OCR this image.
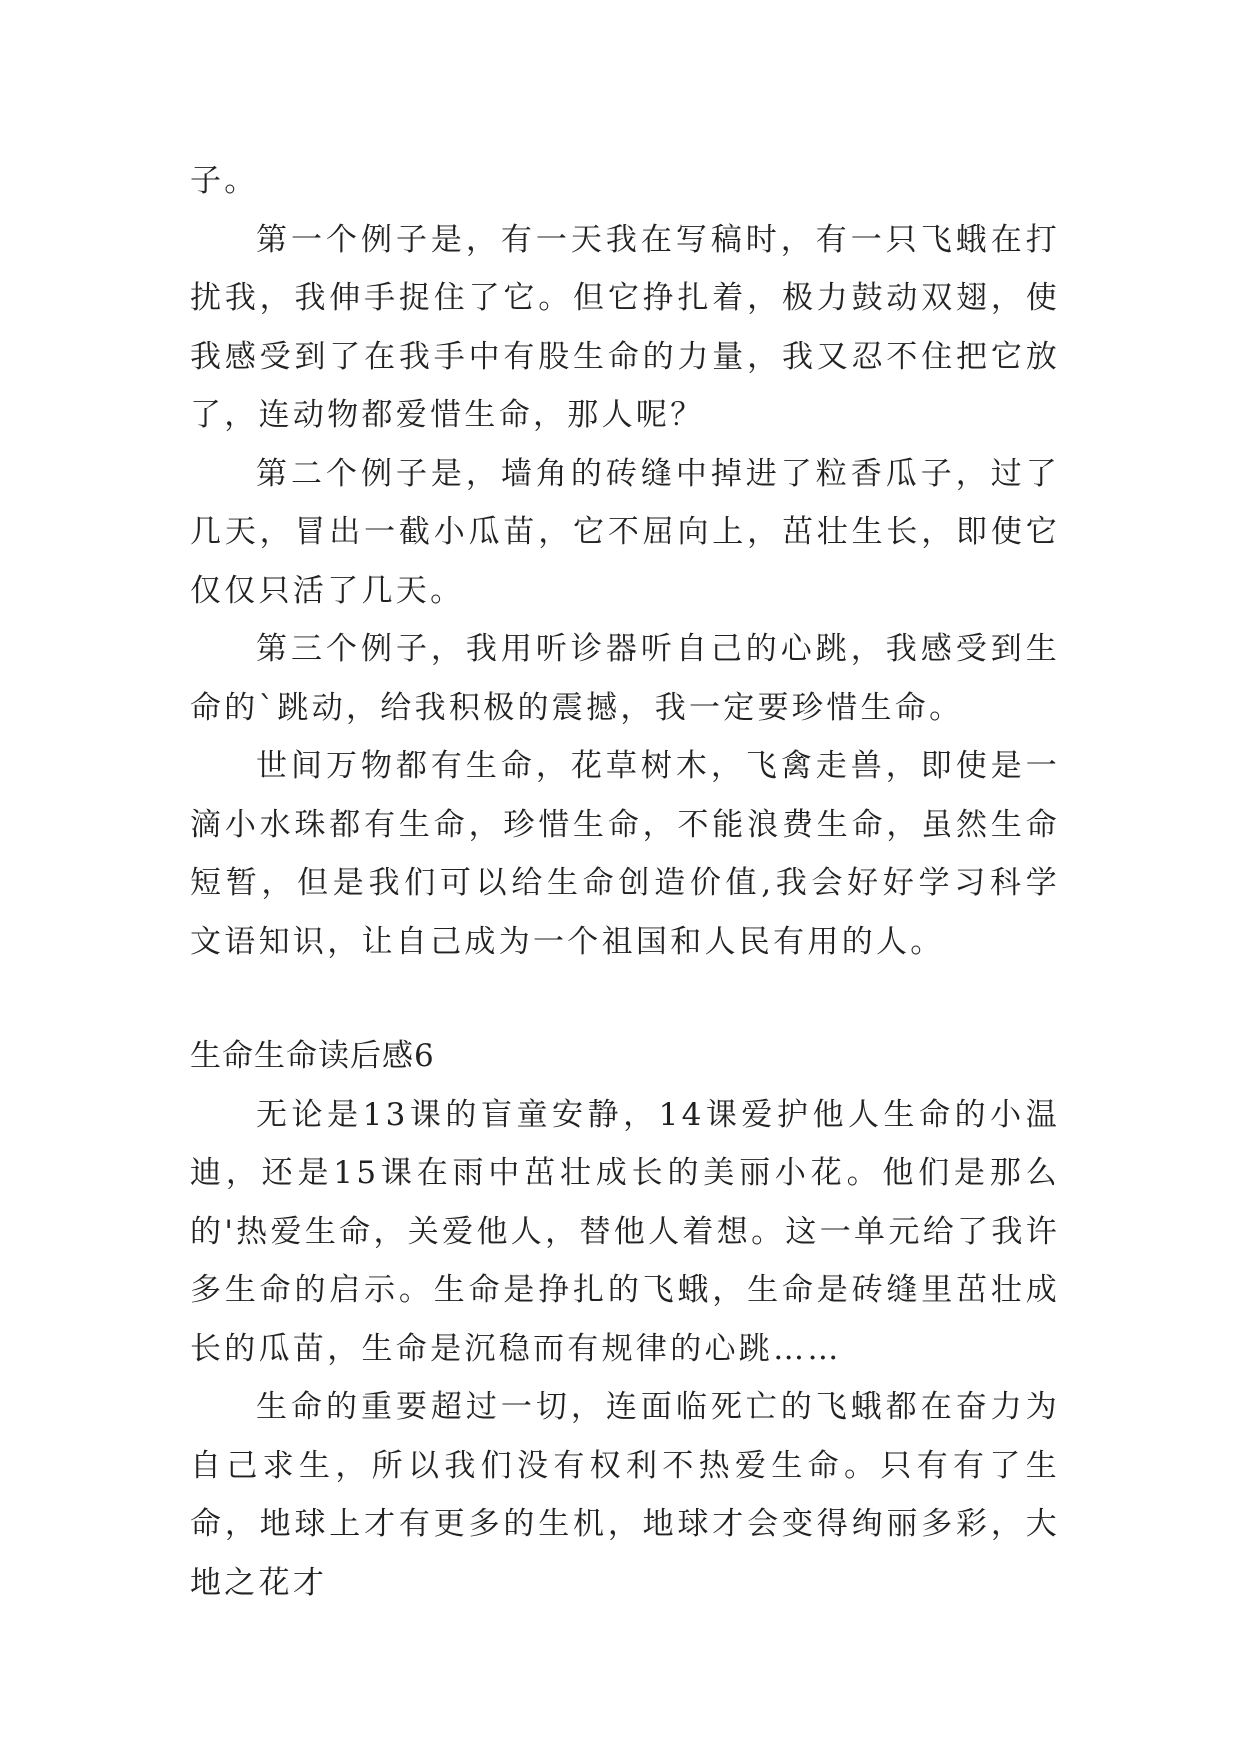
子。

第一个例子是，有一天我在写稿时，有一只飞蛾在打扰我，我伸手捉住了它。但它挣扎着，极力鼓动双翅，使我感受到了在我手中有股生命的力量，我又忍不住把它放了，连动物都爱惜生命，那人呢？

第二个例子是，墙角的砖缝中掉进了粒香瓜子，过了几天，冒出一截小瓜苗，它不屈向上，茁壮生长，即使它仅仅只活了几天。

第三个例子，我用听诊器听自己的心跳，我感受到生命的`跳动，给我积极的震撼，我一定要珍惜生命。

世间万物都有生命，花草树木，飞禽走兽，即使是一滴小水珠都有生命，珍惜生命，不能浪费生命，虽然生命短暂，但是我们可以给生命创造价值,我会好好学习科学文语知识，让自己成为一个祖国和人民有用的人。

生命生命读后感6

无论是13课的盲童安静，14课爱护他人生命的小温迪，还是15课在雨中茁壮成长的美丽小花。他们是那么的'热爱生命，关爱他人，替他人着想。这一单元给了我许多生命的启示。生命是挣扎的飞蛾，生命是砖缝里茁壮成长的瓜苗，生命是沉稳而有规律的心跳……

生命的重要超过一切，连面临死亡的飞蛾都在奋力为自己求生，所以我们没有权利不热爱生命。只有有了生命，地球上才有更多的生机，地球才会变得绚丽多彩，大地之花才
